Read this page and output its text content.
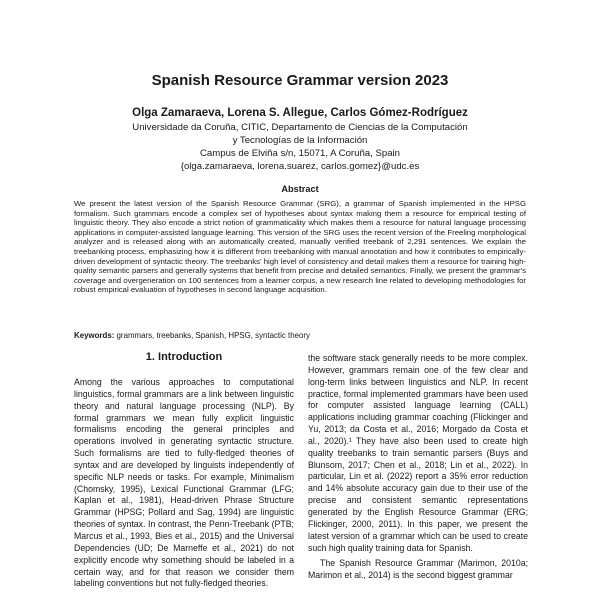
Spanish Resource Grammar version 2023
Olga Zamaraeva, Lorena S. Allegue, Carlos Gómez-Rodríguez
Universidade da Coruña, CITIC, Departamento de Ciencias de la Computación
y Tecnologías de la Información
Campus de Elviña s/n, 15071, A Coruña, Spain
{olga.zamaraeva, lorena.suarez, carlos.gomez}@udc.es
Abstract
We present the latest version of the Spanish Resource Grammar (SRG), a grammar of Spanish implemented in the HPSG formalism. Such grammars encode a complex set of hypotheses about syntax making them a resource for empirical testing of linguistic theory. They also encode a strict notion of grammaticality which makes them a resource for natural language processing applications in computer-assisted language learning. This version of the SRG uses the recent version of the Freeling morphological analyzer and is released along with an automatically created, manually verified treebank of 2,291 sentences. We explain the treebanking process, emphasizing how it is different from treebanking with manual annotation and how it contributes to empirically-driven development of syntactic theory. The treebanks' high level of consistency and detail makes them a resource for training high-quality semantic parsers and generally systems that benefit from precise and detailed semantics. Finally, we present the grammar's coverage and overgeneration on 100 sentences from a learner corpus, a new research line related to developing methodologies for robust empirical evaluation of hypotheses in second language acquisition.
Keywords: grammars, treebanks, Spanish, HPSG, syntactic theory
1. Introduction

Among the various approaches to computational linguistics, formal grammars are a link between linguistic theory and natural language processing (NLP). By formal grammars we mean fully explicit linguistic formalisms encoding the general principles and operations involved in generating syntactic structure. Such formalisms are tied to fully-fledged theories of syntax and are developed by linguists independently of specific NLP needs or tasks. For example, Minimalism (Chomsky, 1995), Lexical Functional Grammar (LFG; Kaplan et al., 1981), Head-driven Phrase Structure Grammar (HPSG; Pollard and Sag, 1994) are linguistic theories of syntax. In contrast, the Penn-Treebank (PTB; Marcus et al., 1993, Bies et al., 2015) and the Universal Dependencies (UD; De Marneffe et al., 2021) do not explicitly encode why something should be labeled in a certain way, and for that reason we consider them labeling conventions but not fully-fledged theories.

the software stack generally needs to be more complex. However, grammars remain one of the few clear and long-term links between linguistics and NLP. In recent practice, formal implemented grammars have been used for computer assisted language learning (CALL) applications including grammar coaching (Flickinger and Yu, 2013; da Costa et al., 2016; Morgado da Costa et al., 2020).¹ They have also been used to create high quality treebanks to train semantic parsers (Buys and Blunsom, 2017; Chen et al., 2018; Lin et al., 2022). In particular, Lin et al. (2022) report a 35% error reduction and 14% absolute accuracy gain due to their use of the precise and consistent semantic representations generated by the English Resource Grammar (ERG; Flickinger, 2000, 2011). In this paper, we present the latest version of a grammar which can be used to create such high quality training data for Spanish.

The Spanish Resource Grammar (Marimon, 2010a; Marimon et al., 2014) is the second biggest grammar
